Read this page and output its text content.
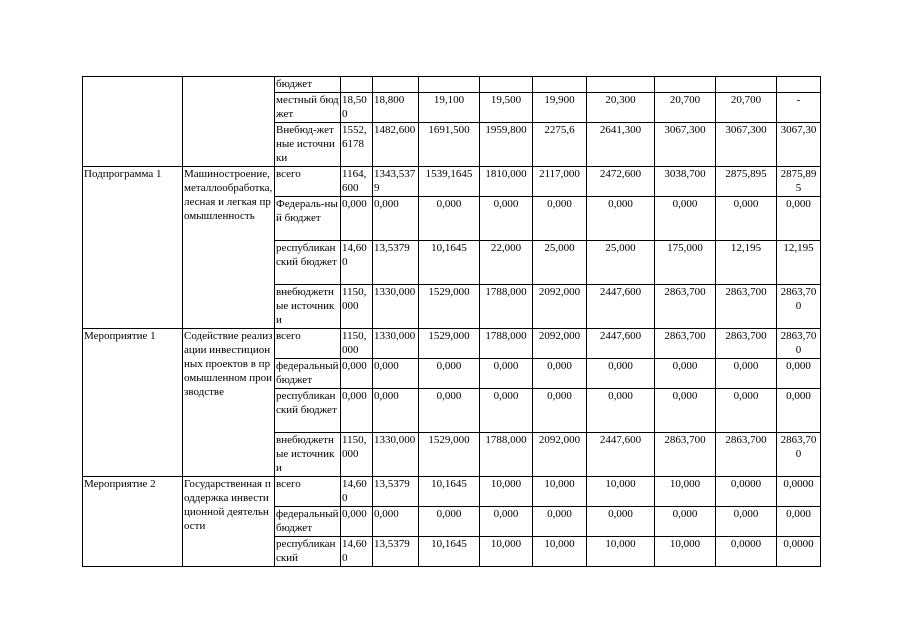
		бюджет									
		местный бюджет	18,500	18,800	19,100	19,500	19,900	20,300	20,700	20,700	-
		Внебюд-жетные источники	1552,6178	1482,600	1691,500	1959,800	2275,6	2641,300	3067,300	3067,300	3067,30
Подпрограмма 1	Машиностроение, металлообработка, лесная и легкая промышленность	всего	1164,600	1343,5379	1539,1645	1810,000	2117,000	2472,600	3038,700	2875,895	2875,895
		Федераль-ный бюджет	0,000	0,000	0,000	0,000	0,000	0,000	0,000	0,000	0,000
		республиканский бюджет	14,600	13,5379	10,1645	22,000	25,000	25,000	175,000	12,195	12,195
		внебюджетные источники	1150,000	1330,000	1529,000	1788,000	2092,000	2447,600	2863,700	2863,700	2863,700
Мероприятие 1	Содействие реализации инвестиционных проектов в промышленном производстве	всего	1150,000	1330,000	1529,000	1788,000	2092,000	2447,600	2863,700	2863,700	2863,700
		федеральный бюджет	0,000	0,000	0,000	0,000	0,000	0,000	0,000	0,000	0,000
		республиканский бюджет	0,000	0,000	0,000	0,000	0,000	0,000	0,000	0,000	0,000
		внебюджетные источники	1150,000	1330,000	1529,000	1788,000	2092,000	2447,600	2863,700	2863,700	2863,700
Мероприятие 2	Государственная поддержка инвестиционной деятельности	всего	14,600	13,5379	10,1645	10,000	10,000	10,000	10,000	0,0000	0,0000
		федеральный бюджет	0,000	0,000	0,000	0,000	0,000	0,000	0,000	0,000	0,000
		республиканский	14,600	13,5379	10,1645	10,000	10,000	10,000	10,000	0,0000	0,0000
